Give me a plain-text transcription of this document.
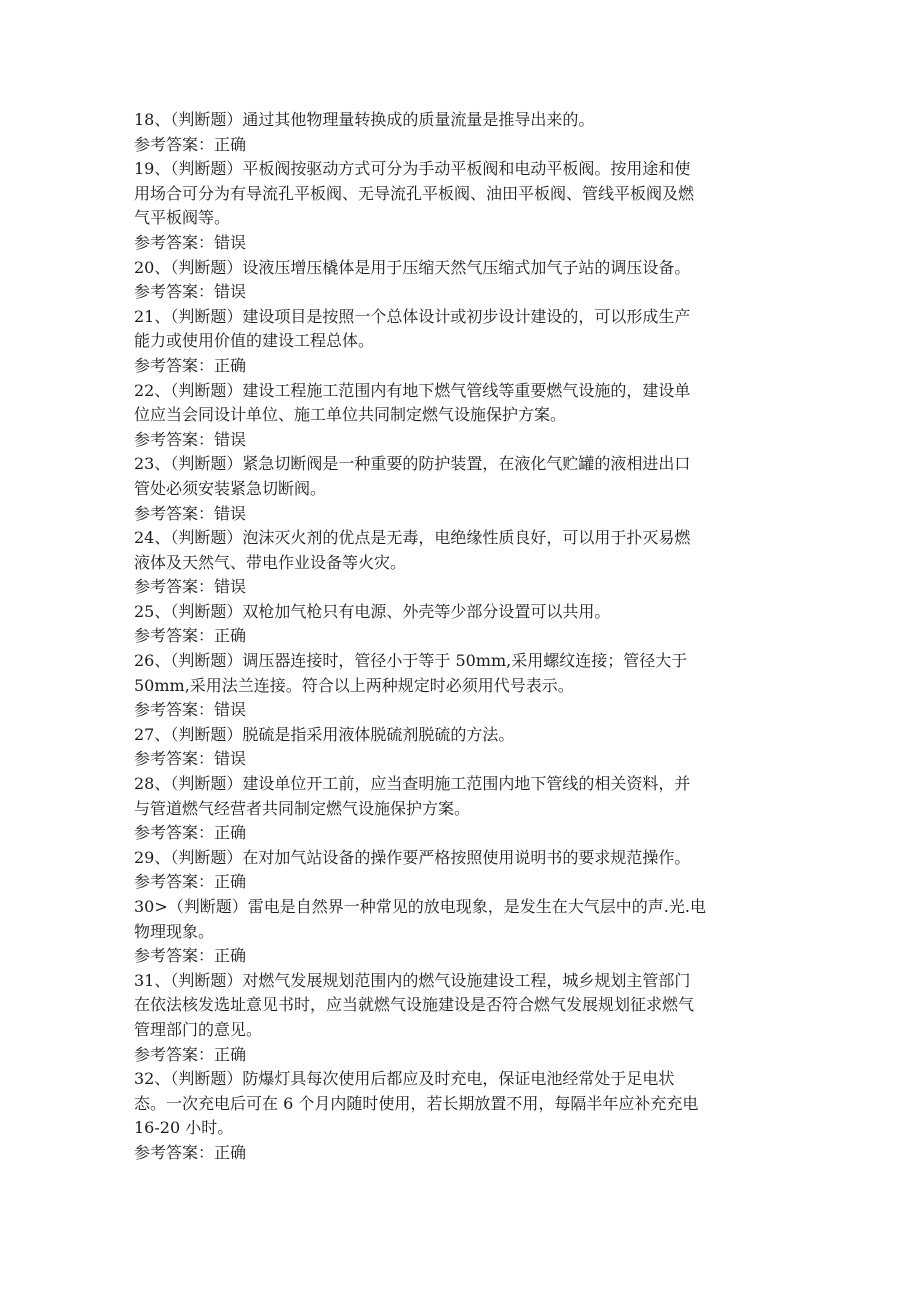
18、（判断题）通过其他物理量转换成的质量流量是推导出来的。

参考答案：正确

19、（判断题）平板阀按驱动方式可分为手动平板阀和电动平板阀。按用途和使

用场合可分为有导流孔平板阀、无导流孔平板阀、油田平板阀、管线平板阀及燃

气平板阀等。

参考答案：错误

20、（判断题）设液压增压橇体是用于压缩天然气压缩式加气子站的调压设备。

参考答案：错误

21、（判断题）建设项目是按照一个总体设计或初步设计建设的，可以形成生产

能力或使用价值的建设工程总体。

参考答案：正确

22、（判断题）建设工程施工范围内有地下燃气管线等重要燃气设施的，建设单

位应当会同设计单位、施工单位共同制定燃气设施保护方案。

参考答案：错误

23、（判断题）紧急切断阀是一种重要的防护装置，在液化气贮罐的液相进出口

管处必须安装紧急切断阀。

参考答案：错误

24、（判断题）泡沫灭火剂的优点是无毒，电绝缘性质良好，可以用于扑灭易燃

液体及天然气、带电作业设备等火灾。

参考答案：错误

25、（判断题）双枪加气枪只有电源、外壳等少部分设置可以共用。

参考答案：正确

26、（判断题）调压器连接时，管径小于等于 50mm,采用螺纹连接；管径大于

50mm,采用法兰连接。符合以上两种规定时必须用代号表示。

参考答案：错误

27、（判断题）脱硫是指采用液体脱硫剂脱硫的方法。

参考答案：错误

28、（判断题）建设单位开工前，应当查明施工范围内地下管线的相关资料，并

与管道燃气经营者共同制定燃气设施保护方案。

参考答案：正确

29、（判断题）在对加气站设备的操作要严格按照使用说明书的要求规范操作。

参考答案：正确

30>（判断题）雷电是自然界一种常见的放电现象，是发生在大气层中的声.光.电

物理现象。

参考答案：正确

31、（判断题）对燃气发展规划范围内的燃气设施建设工程，城乡规划主管部门

在依法核发选址意见书时，应当就燃气设施建设是否符合燃气发展规划征求燃气

管理部门的意见。

参考答案：正确

32、（判断题）防爆灯具每次使用后都应及时充电，保证电池经常处于足电状

态。一次充电后可在 6 个月内随时使用，若长期放置不用，每隔半年应补充充电

16-20 小时。

参考答案：正确
